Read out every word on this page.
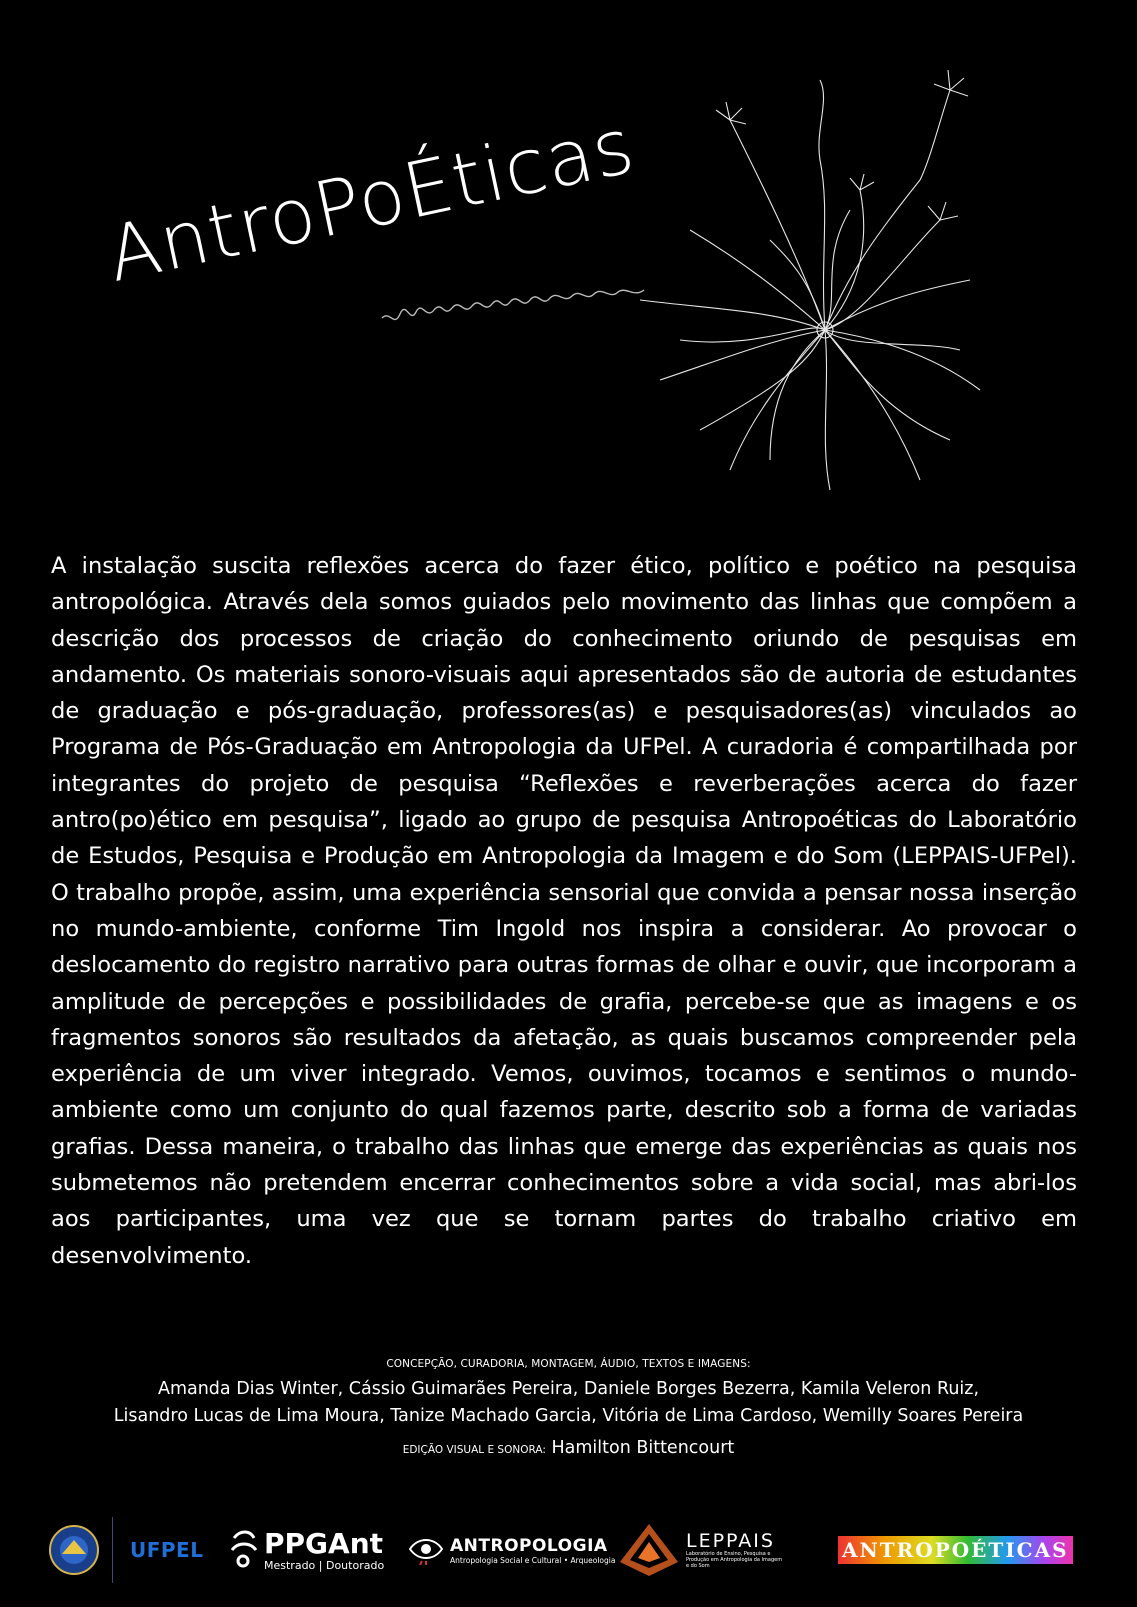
AntroPoÉticas

A instalação suscita reflexões acerca do fazer ético, político e poético na pesquisa antropológica. Através dela somos guiados pelo movimento das linhas que compõem a descrição dos processos de criação do conhecimento oriundo de pesquisas em andamento. Os materiais sonoro-visuais aqui apresentados são de autoria de estudantes de graduação e pós-graduação, professores(as) e pesquisadores(as) vinculados ao Programa de Pós-Graduação em Antropologia da UFPel. A curadoria é compartilhada por integrantes do projeto de pesquisa “Reflexões e reverberações acerca do fazer antro(po)ético em pesquisa”, ligado ao grupo de pesquisa Antropoéticas do Laboratório de Estudos, Pesquisa e Produção em Antropologia da Imagem e do Som (LEPPAIS-UFPel). O trabalho propõe, assim, uma experiência sensorial que convida a pensar nossa inserção no mundo-ambiente, conforme Tim Ingold nos inspira a considerar. Ao provocar o deslocamento do registro narrativo para outras formas de olhar e ouvir, que incorporam a amplitude de percepções e possibilidades de grafia, percebe-se que as imagens e os fragmentos sonoros são resultados da afetação, as quais buscamos compreender pela experiência de um viver integrado. Vemos, ouvimos, tocamos e sentimos o mundo-ambiente como um conjunto do qual fazemos parte, descrito sob a forma de variadas grafias. Dessa maneira, o trabalho das linhas que emerge das experiências as quais nos submetemos não pretendem encerrar conhecimentos sobre a vida social, mas abri-los aos participantes, uma vez que se tornam partes do trabalho criativo em desenvolvimento.

CONCEPÇÃO, CURADORIA, MONTAGEM, ÁUDIO, TEXTOS E IMAGENS:
Amanda Dias Winter, Cássio Guimarães Pereira, Daniele Borges Bezerra, Kamila Veleron Ruiz,
Lisandro Lucas de Lima Moura, Tanize Machado Garcia, Vitória de Lima Cardoso, Wemilly Soares Pereira
EDIÇÃO VISUAL E SONORA: Hamilton Bittencourt
UFPEL PPGAnt
Mestrado | Doutorado
ANTROPOLOGIA
Antropologia Social e Cultural • Arqueologia
LEPPAIS
Laboratório de Ensino, Pesquisa e Produção em Antropologia da Imagem e do Som
ANTROPOÉTICAS
